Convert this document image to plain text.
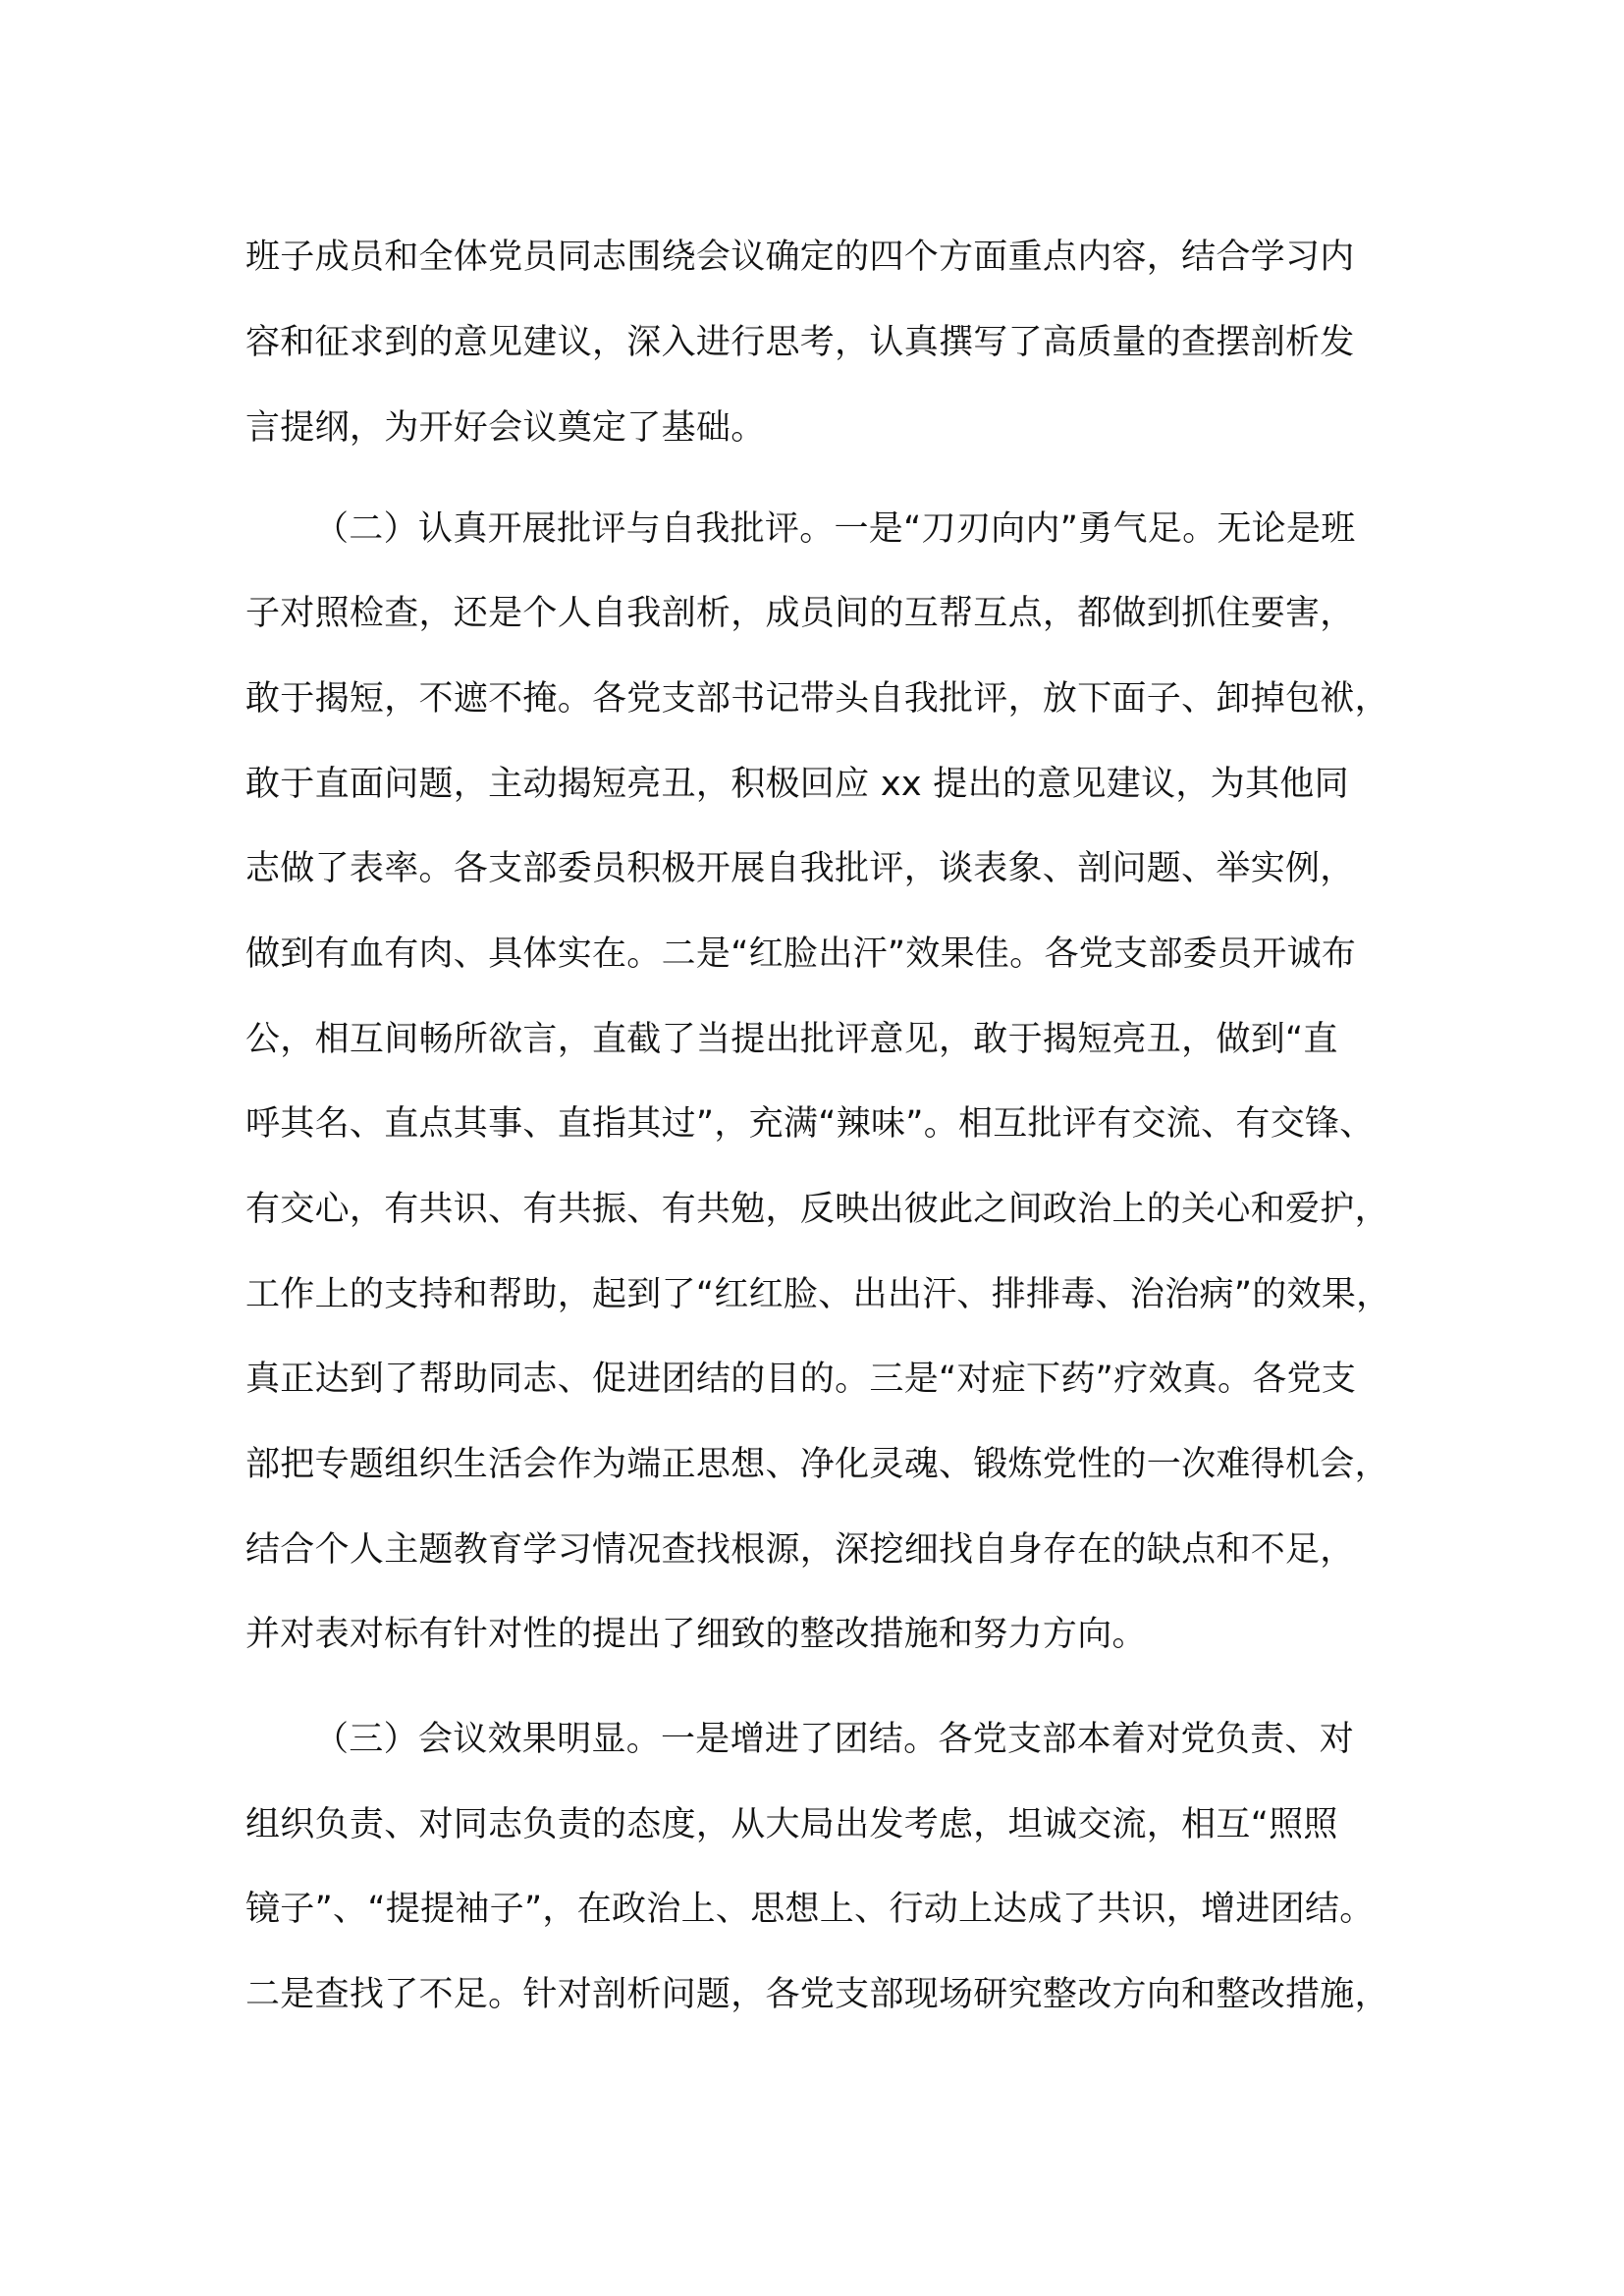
班子成员和全体党员同志围绕会议确定的四个方面重点内容，结合学习内
容和征求到的意见建议，深入进行思考，认真撰写了高质量的查摆剖析发
言提纲，为开好会议奠定了基础。
（二）认真开展批评与自我批评。一是“刀刃向内”勇气足。无论是班
子对照检查，还是个人自我剖析，成员间的互帮互点，都做到抓住要害，
敢于揭短，不遮不掩。各党支部书记带头自我批评，放下面子、卸掉包袱，
敢于直面问题，主动揭短亮丑，积极回应 xx 提出的意见建议，为其他同
志做了表率。各支部委员积极开展自我批评，谈表象、剖问题、举实例，
做到有血有肉、具体实在。二是“红脸出汗”效果佳。各党支部委员开诚布
公，相互间畅所欲言，直截了当提出批评意见，敢于揭短亮丑，做到“直
呼其名、直点其事、直指其过”，充满“辣味”。相互批评有交流、有交锋、
有交心，有共识、有共振、有共勉，反映出彼此之间政治上的关心和爱护，
工作上的支持和帮助，起到了“红红脸、出出汗、排排毒、治治病”的效果，
真正达到了帮助同志、促进团结的目的。三是“对症下药”疗效真。各党支
部把专题组织生活会作为端正思想、净化灵魂、锻炼党性的一次难得机会，
结合个人主题教育学习情况查找根源，深挖细找自身存在的缺点和不足，
并对表对标有针对性的提出了细致的整改措施和努力方向。
（三）会议效果明显。一是增进了团结。各党支部本着对党负责、对
组织负责、对同志负责的态度，从大局出发考虑，坦诚交流，相互“照照
镜子”、“提提袖子”，在政治上、思想上、行动上达成了共识，增进团结。
二是查找了不足。针对剖析问题，各党支部现场研究整改方向和整改措施，
